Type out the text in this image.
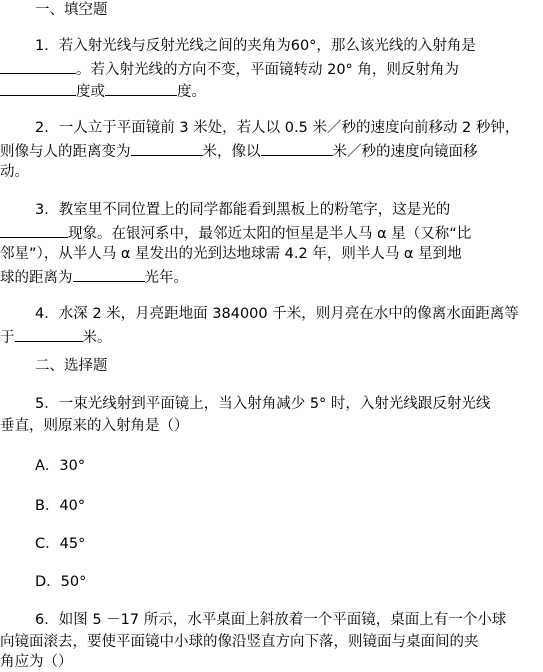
一、填空题
1．若入射光线与反射光线之间的夹角为60°，那么该光线的入射角是
。若入射光线的方向不变，平面镜转动 20° 角，则反射角为
度或	度。
2．一人立于平面镜前 3 米处，若人以 0.5 米／秒的速度向前移动 2 秒钟，
则像与人的距离变为	米，像以	米／秒的速度向镜面移
动。
3．教室里不同位置上的同学都能看到黑板上的粉笔字，这是光的
现象。在银河系中，最邻近太阳的恒星是半人马 α 星（又称“比
邻星”），从半人马 α 星发出的光到达地球需 4.2 年，则半人马 α 星到地
球的距离为	光年。
4．水深 2 米，月亮距地面 384000 千米，则月亮在水中的像离水面距离等
于	米。
二、选择题
5．一束光线射到平面镜上，当入射角减少 5° 时，入射光线跟反射光线
垂直，则原来的入射角是（）
A．30°
B．40°
C．45°
D．50°
6．如图 5 －17 所示，水平桌面上斜放着一个平面镜，桌面上有一个小球
向镜面滚去，要使平面镜中小球的像沿竖直方向下落，则镜面与桌面间的夹
角应为（）
